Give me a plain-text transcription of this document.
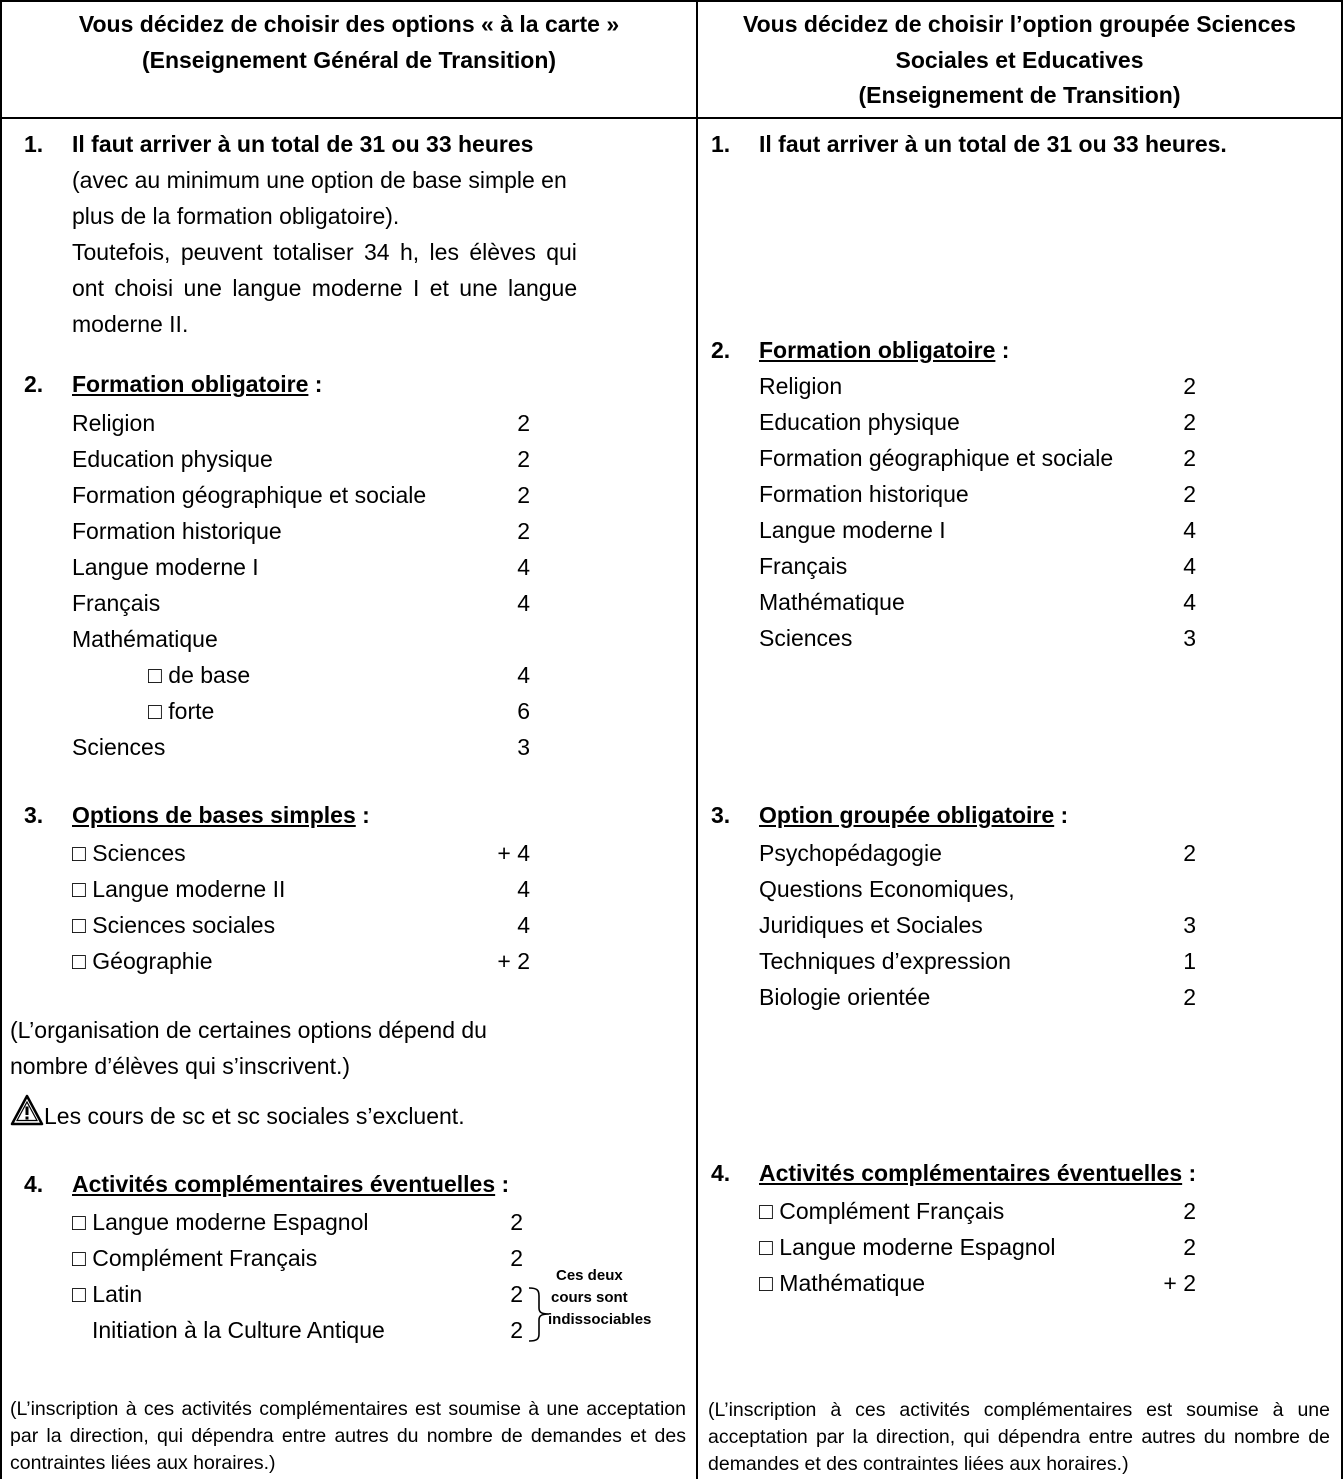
Vous décidez de choisir des options « à la carte »
(Enseignement Général de Transition)
Vous décidez de choisir l’option groupée Sciences
Sociales et Educatives
(Enseignement de Transition)
1. Il faut arriver à un total de 31 ou 33 heures
(avec au minimum une option de base simple en
plus de la formation obligatoire).
Toutefois, peuvent totaliser 34 h, les élèves qui
ont choisi une langue moderne I et une langue
moderne II.
2. Formation obligatoire :
Religion	2
Education physique	2
Formation géographique et sociale	2
Formation historique	2
Langue moderne I	4
Français	4
Mathématique
□ de base	4
□ forte	6
Sciences	3
3. Options de bases simples :
□ Sciences	+ 4
□ Langue moderne II	4
□ Sciences sociales	4
□ Géographie	+ 2
(L’organisation de certaines options dépend du
nombre d’élèves qui s’inscrivent.)
Les cours de sc et sc sociales s’excluent.
4. Activités complémentaires éventuelles :
□ Langue moderne Espagnol	2
□ Complément Français	2
□ Latin	2
Initiation à la Culture Antique	2
Ces deux
cours sont
indissociables
(L’inscription à ces activités complémentaires est soumise à une acceptation par la direction, qui dépendra entre autres du nombre de demandes et des contraintes liées aux horaires.)
1. Il faut arriver à un total de 31 ou 33 heures.
2. Formation obligatoire :
Religion	2
Education physique	2
Formation géographique et sociale	2
Formation historique	2
Langue moderne I	4
Français	4
Mathématique	4
Sciences	3
3. Option groupée obligatoire :
Psychopédagogie	2
Questions Economiques,
Juridiques et Sociales	3
Techniques d’expression	1
Biologie orientée	2
4. Activités complémentaires éventuelles :
□ Complément Français	2
□ Langue moderne Espagnol	2
□ Mathématique	+ 2
(L’inscription à ces activités complémentaires est soumise à une acceptation par la direction, qui dépendra entre autres du nombre de demandes et des contraintes liées aux horaires.)
